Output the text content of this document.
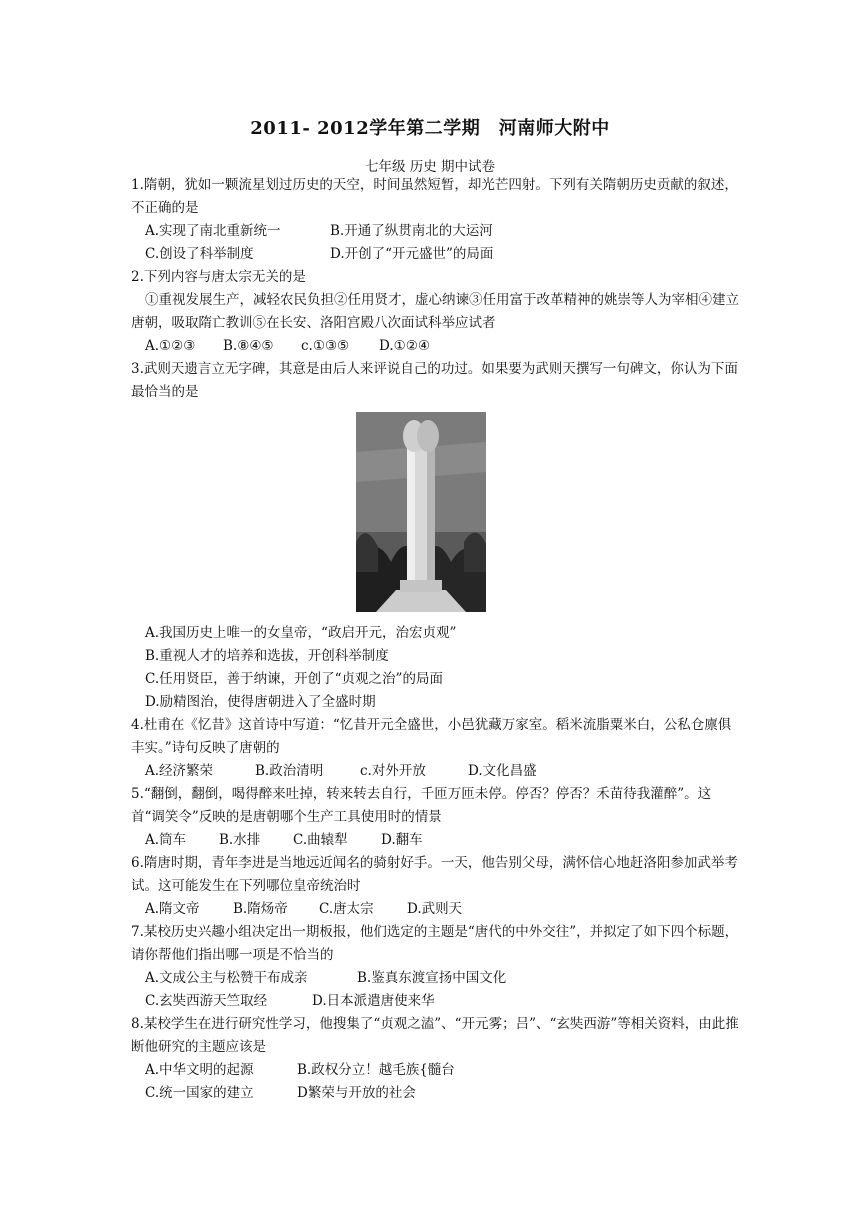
2011- 2012学年第二学期　河南师大附中
七年级 历史 期中试卷

1.隋朝，犹如一颗流星划过历史的天空，时间虽然短暂，却光芒四射。下列有关隋朝历史贡献的叙述，不正确的是

A.实现了南北重新统一	B.开通了纵贯南北的大运河

C.创设了科举制度	D.开创了“开元盛世”的局面

2.下列内容与唐太宗无关的是

①重视发展生产，减轻农民负担②任用贤才，虚心纳谏③任用富于改革精神的姚崇等人为宰相④建立唐朝，吸取隋亡教训⑤在长安、洛阳宫殿八次面试科举应试者

A.①②③ B.⑧④⑤ c.①③⑤ D.①②④

3.武则天遗言立无字碑，其意是由后人来评说自己的功过。如果要为武则天撰写一句碑文，你认为下面最恰当的是

A.我国历史上唯一的女皇帝，“政启开元，治宏贞观”

B.重视人才的培养和选拔，开创科举制度

C.任用贤臣，善于纳谏，开创了“贞观之治”的局面

D.励精图治，使得唐朝进入了全盛时期

4.杜甫在《忆昔》这首诗中写道：“忆昔开元全盛世，小邑犹藏万家室。稻米流脂粟米白，公私仓廪俱丰实。”诗句反映了唐朝的

A.经济繁荣	B.政治清明	c.对外开放	D.文化昌盛

5.“翻倒，翻倒，喝得醉来吐掉，转来转去自行，千匝万匝未停。停否？停否？禾苗待我灌醉”。这首“调笑令”反映的是唐朝哪个生产工具使用时的情景

A.筒车 B.水排 C.曲辕犁 D.翻车

6.隋唐时期，青年李进是当地远近闻名的骑射好手。一天，他告别父母，满怀信心地赶洛阳参加武举考试。这可能发生在下列哪位皇帝统治时

A.隋文帝 B.隋炀帝 C.唐太宗 D.武则天

7.某校历史兴趣小组决定出一期板报，他们选定的主题是“唐代的中外交往”，并拟定了如下四个标题，请你帮他们指出哪一项是不恰当的

A.文成公主与松赞干布成亲	B.鉴真东渡宣扬中国文化

C.玄奘西游天竺取经	D.日本派遣唐使来华

8.某校学生在进行研究性学习，他搜集了“贞观之溘”、“开元雾；吕”、“玄奘西游”等相关资料，由此推断他研究的主题应该是

A.中华文明的起源	B.政权分立！越毛族{髓台

C.统一国家的建立	D繁荣与开放的社会
